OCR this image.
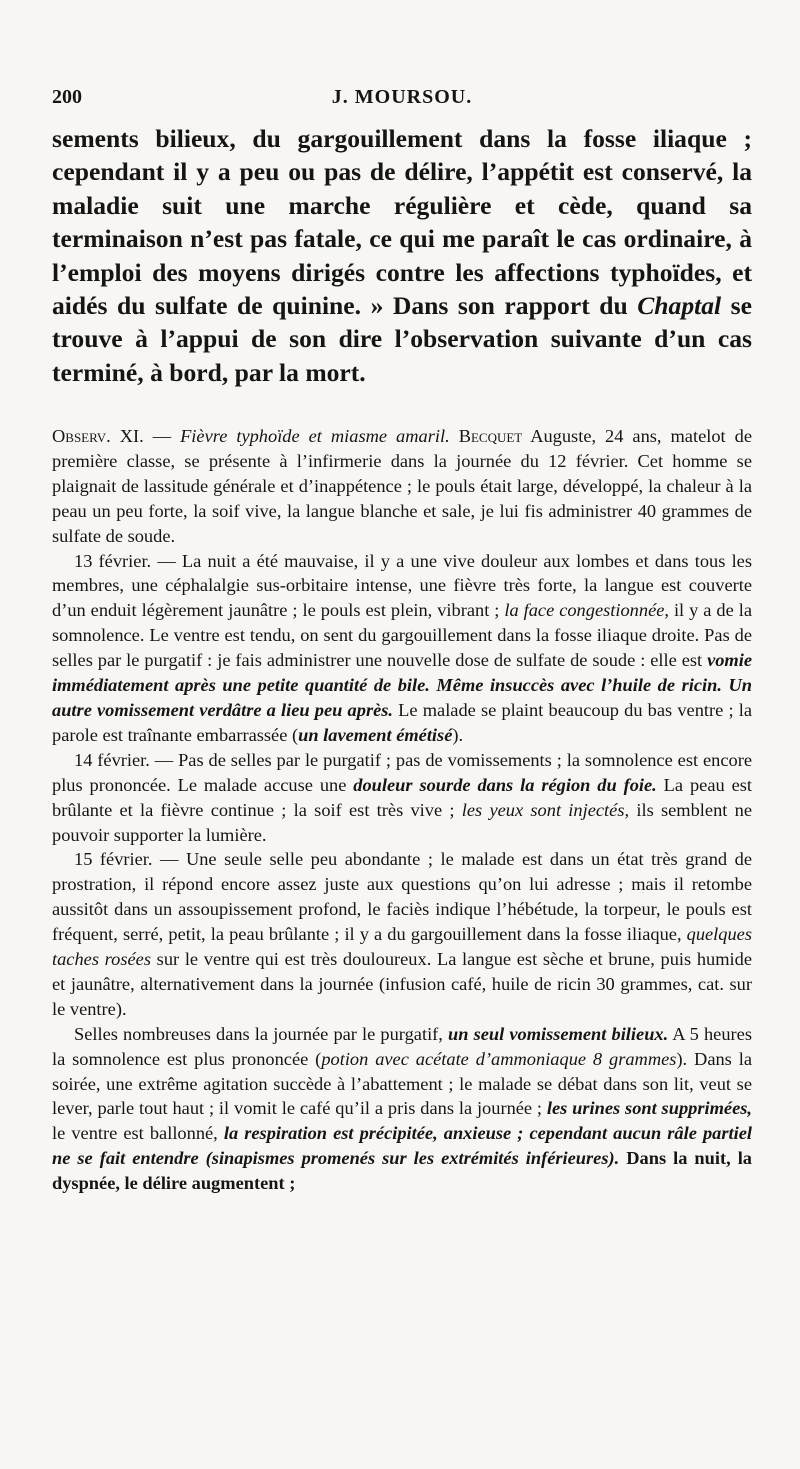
200	J. MOURSOU.
sements bilieux, du gargouillement dans la fosse iliaque ; cependant il y a peu ou pas de délire, l’appétit est conservé, la maladie suit une marche régulière et cède, quand sa terminaison n’est pas fatale, ce qui me paraît le cas ordinaire, à l’emploi des moyens dirigés contre les affections typhoïdes, et aidés du sulfate de quinine. » Dans son rapport du Chaptal se trouve à l’appui de son dire l’observation suivante d’un cas terminé, à bord, par la mort.

Observ. XI. — Fièvre typhoïde et miasme amaril. Becquet Auguste, 24 ans, matelot de première classe, se présente à l’infirmerie dans la journée du 12 février. Cet homme se plaignait de lassitude générale et d’inappétence ; le pouls était large, développé, la chaleur à la peau un peu forte, la soif vive, la langue blanche et sale, je lui fis administrer 40 grammes de sulfate de soude.

13 février. — La nuit a été mauvaise, il y a une vive douleur aux lombes et dans tous les membres, une céphalalgie sus-orbitaire intense, une fièvre très forte, la langue est couverte d’un enduit légèrement jaunâtre ; le pouls est plein, vibrant ; la face congestionnée, il y a de la somnolence. Le ventre est tendu, on sent du gargouillement dans la fosse iliaque droite. Pas de selles par le purgatif : je fais administrer une nouvelle dose de sulfate de soude : elle est vomie immédiatement après une petite quantité de bile. Même insuccès avec l’huile de ricin. Un autre vomissement verdâtre a lieu peu après. Le malade se plaint beaucoup du bas ventre ; la parole est traînante embarrassée (un lavement émétisé).

14 février. — Pas de selles par le purgatif ; pas de vomissements ; la somnolence est encore plus prononcée. Le malade accuse une douleur sourde dans la région du foie. La peau est brûlante et la fièvre continue ; la soif est très vive ; les yeux sont injectés, ils semblent ne pouvoir supporter la lumière.

15 février. — Une seule selle peu abondante ; le malade est dans un état très grand de prostration, il répond encore assez juste aux questions qu’on lui adresse ; mais il retombe aussitôt dans un assoupissement profond, le faciès indique l’hébétude, la torpeur, le pouls est fréquent, serré, petit, la peau brûlante ; il y a du gargouillement dans la fosse iliaque, quelques taches rosées sur le ventre qui est très douloureux. La langue est sèche et brune, puis humide et jaunâtre, alternativement dans la journée (infusion café, huile de ricin 30 grammes, cat. sur le ventre).

Selles nombreuses dans la journée par le purgatif, un seul vomissement bilieux. A 5 heures la somnolence est plus prononcée (potion avec acétate d’ammoniaque 8 grammes). Dans la soirée, une extrême agitation succède à l’abattement ; le malade se débat dans son lit, veut se lever, parle tout haut ; il vomit le café qu’il a pris dans la journée ; les urines sont supprimées, le ventre est ballonné, la respiration est précipitée, anxieuse ; cependant aucun râle partiel ne se fait entendre (sinapismes promenés sur les extrémités inférieures). Dans la nuit, la dyspnée, le délire augmentent ;
